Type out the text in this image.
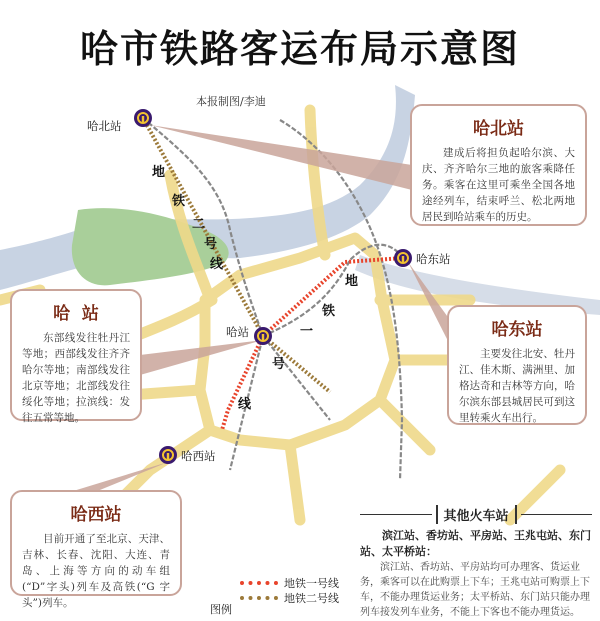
地
铁
二
号
线
地
铁
一
号
线
哈市铁路客运布局示意图
本报制图/李迪
哈北站
哈东站
哈站
哈西站
哈北站

建成后将担负起哈尔滨、大庆、齐齐哈尔三地的旅客乘降任务。乘客在这里可乘坐全国各地途经列车，结束呼兰、松北两地居民到哈站乘车的历史。

哈  站

东部线发往牡丹江等地；西部线发往齐齐哈尔等地；南部线发往北京等地；北部线发往绥化等地；拉滨线：发往五常等地。

哈东站

主要发往北安、牡丹江、佳木斯、满洲里、加格达奇和吉林等方向，哈尔滨东部县城居民可到这里转乘火车出行。

哈西站

目前开通了至北京、天津、吉林、长春、沈阳、大连、青岛、上海等方向的动车组(“D”字头)列车及高铁(“G 字头”)列车。

其他火车站
滨江站、香坊站、平房站、王兆屯站、东门站、太平桥站：
滨江站、香坊站、平房站均可办理客、货运业务，乘客可以在此购票上下车；王兆屯站可购票上下车，不能办理货运业务；太平桥站、东门站只能办理列车接发列车业务，不能上下客也不能办理货运。
地铁一号线
地铁二号线
图例
